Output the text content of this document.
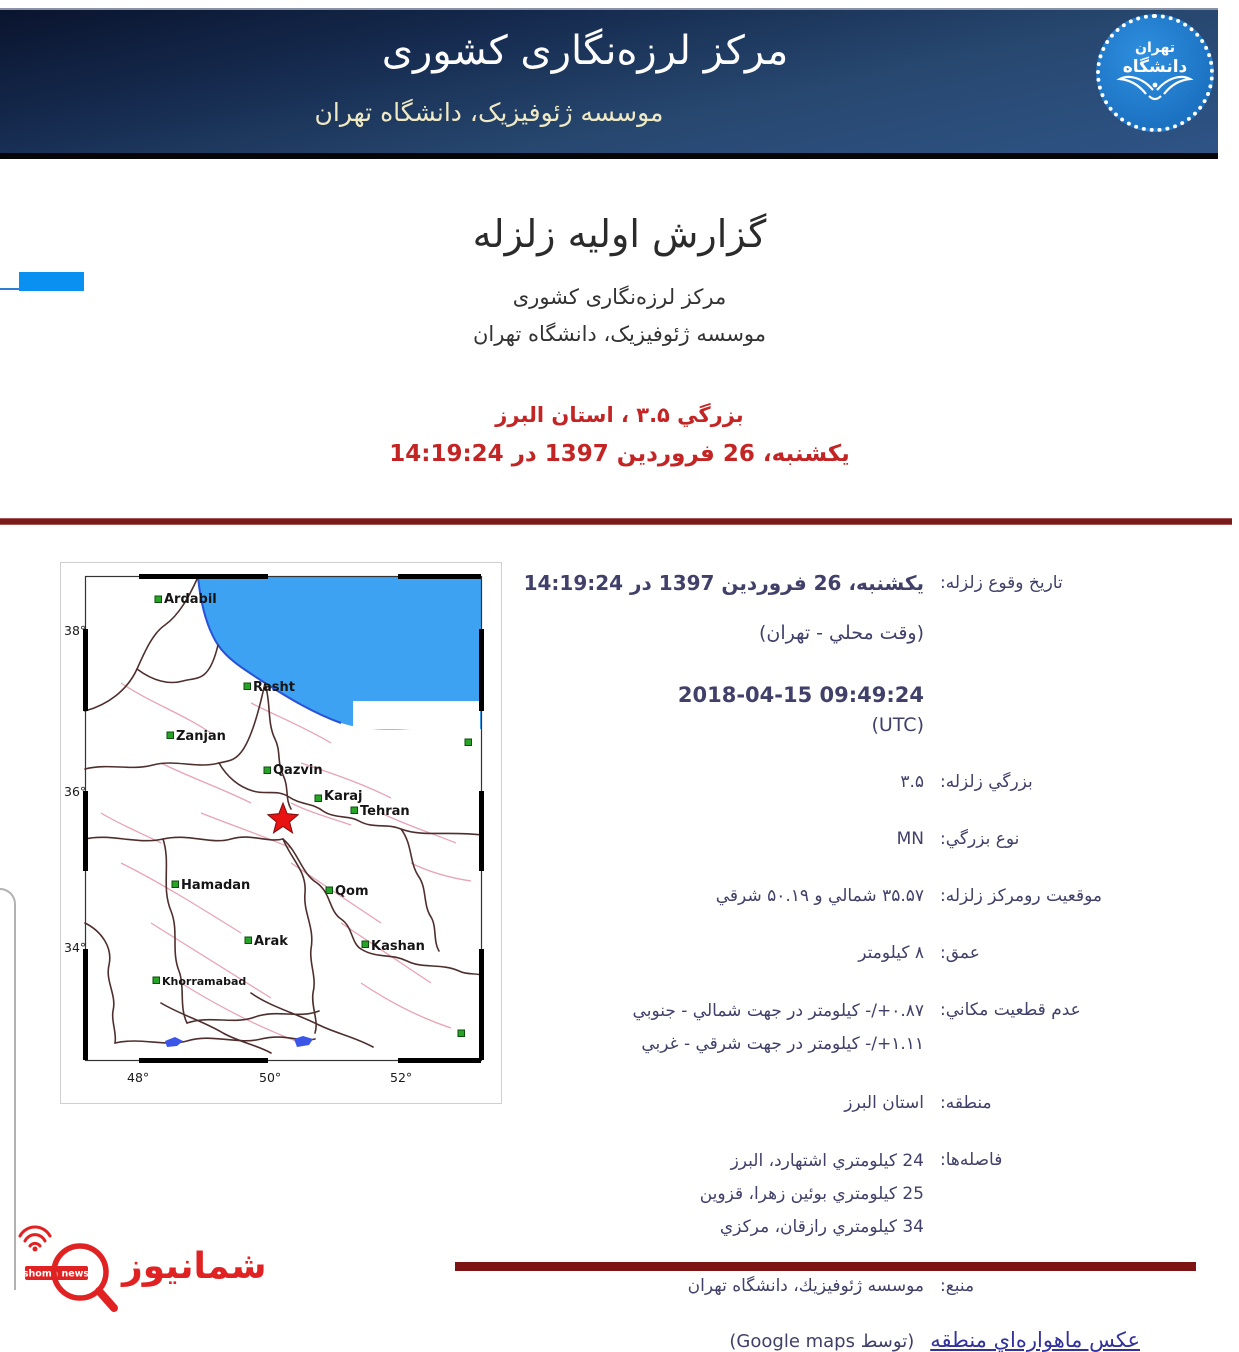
مرکز لرزه‌نگاری کشوری
موسسه ژئوفیزیک، دانشگاه تهران
تهران
دانشگاه
گزارش اولیه زلزله
مرکز لرزه‌نگاری کشوری
موسسه ژئوفیزیک، دانشگاه تهران
بزرگي ۳.۵ ، استان البرز
یکشنبه، 26 فروردین 1397 در 14:19:24
Ardabil
Rasht
Zanjan
Qazvin
Karaj
Tehran
Hamadan	Qom
Arak	Kashan
Khorramabad
38°
36°
34°
48°	50°	52°
تاریخ وقوع زلزله:
یکشنبه، 26 فروردین 1397 در 14:19:24
(وقت محلي - تهران)
2018-04-15 09:49:24
(UTC)
بزرگي زلزله:
۳.۵
نوع بزرگي:
MN
موقعیت رومرکز زلزله:
۳۵.۵۷ شمالي و ۵۰.۱۹ شرقي
عمق:
۸ کیلومتر
عدم قطعیت مکاني:
۰.۸۷+/- کیلومتر در جهت شمالي - جنوبي
۱.۱۱+/- کیلومتر در جهت شرقي - غربي
منطقه:
استان البرز
فاصله‌ها:
24 کیلومتري اشتهارد، البرز
25 کیلومتري بوئین زهرا، قزوین
34 کیلومتري رازقان، مرکزي
منبع:
موسسه ژئوفیزیك، دانشگاه تهران
عکس ماهواره‌اي منطقه(توسط Google maps)
شمانیوز
shoma news
